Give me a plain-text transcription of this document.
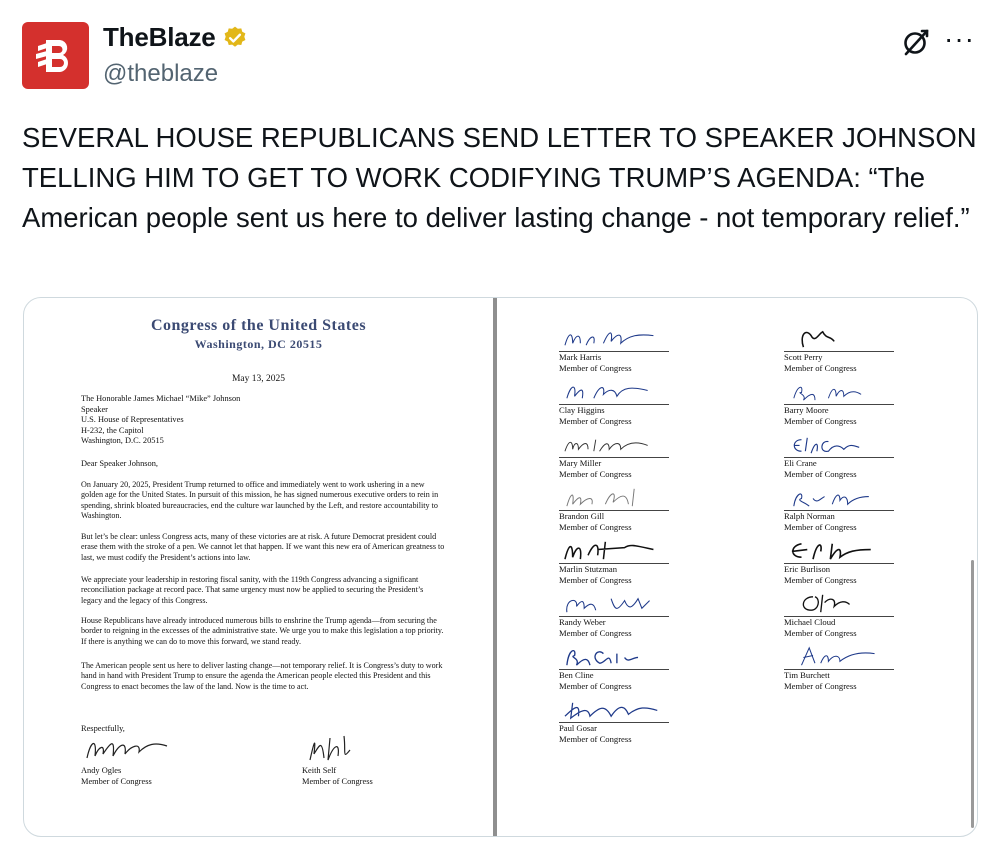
TheBlaze
@theblaze
···
SEVERAL HOUSE REPUBLICANS SEND LETTER TO SPEAKER JOHNSON TELLING HIM TO GET TO WORK CODIFYING TRUMP’S AGENDA: “The American people sent us here to deliver lasting change - not temporary relief.”
Congress of the United States
Washington, DC 20515
May 13, 2025
The Honorable James Michael “Mike” Johnson
Speaker
U.S. House of Representatives
H-232, the Capitol
Washington, D.C. 20515
Dear Speaker Johnson,
On January 20, 2025, President Trump returned to office and immediately went to work ushering in a new golden age for the United States. In pursuit of this mission, he has signed numerous executive orders to rein in spending, shrink bloated bureaucracies, end the culture war launched by the Left, and restore accountability to Washington.
But let’s be clear: unless Congress acts, many of these victories are at risk. A future Democrat president could erase them with the stroke of a pen. We cannot let that happen. If we want this new era of American greatness to last, we must codify the President’s actions into law.
We appreciate your leadership in restoring fiscal sanity, with the 119th Congress advancing a significant reconciliation package at record pace. That same urgency must now be applied to securing the President’s legacy and the legacy of this Congress.
House Republicans have already introduced numerous bills to enshrine the Trump agenda—from securing the border to reigning in the excesses of the administrative state. We urge you to make this legislation a top priority. If there is anything we can do to move this forward, we stand ready.
The American people sent us here to deliver lasting change—not temporary relief. It is Congress’s duty to work hand in hand with President Trump to ensure the agenda the American people elected this President and this Congress to enact becomes the law of the land. Now is the time to act.
Respectfully,
Andy Ogles
Member of Congress
Keith Self
Member of Congress
Mark Harris
Member of Congress
Clay Higgins
Member of Congress
Mary Miller
Member of Congress
Brandon Gill
Member of Congress
Marlin Stutzman
Member of Congress
Randy Weber
Member of Congress
Ben Cline
Member of Congress
Paul Gosar
Member of Congress
Scott Perry
Member of Congress
Barry Moore
Member of Congress
Eli Crane
Member of Congress
Ralph Norman
Member of Congress
Eric Burlison
Member of Congress
Michael Cloud
Member of Congress
Tim Burchett
Member of Congress
